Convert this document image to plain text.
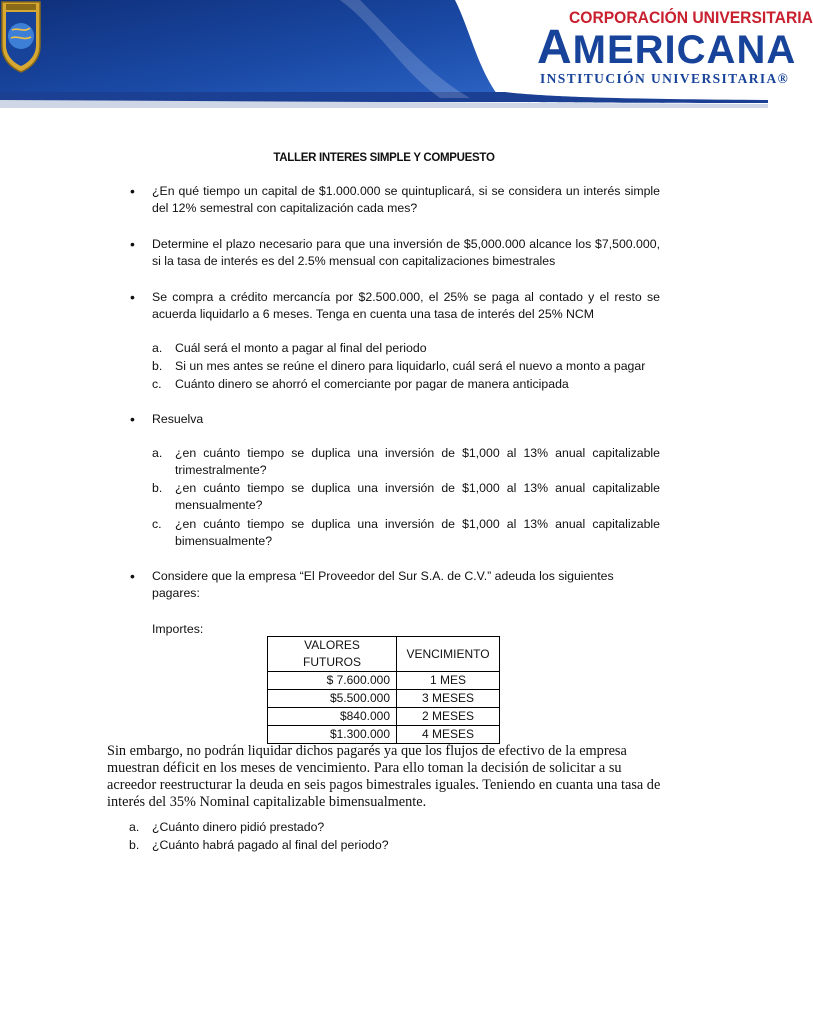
CORPORACIÓN UNIVERSITARIA
AMERICANA
INSTITUCIÓN UNIVERSITARIA®
TALLER INTERES SIMPLE Y COMPUESTO
•	¿En qué tiempo un capital de $1.000.000 se quintuplicará, si se considera un interés simple del 12% semestral con capitalización cada mes?
•	Determine el plazo necesario para que una inversión de $5,000.000 alcance los $7,500.000, si la tasa de interés es del 2.5% mensual con capitalizaciones bimestrales
•	Se compra a crédito mercancía por $2.500.000, el 25% se paga al contado y el resto se acuerda liquidarlo a 6 meses. Tenga en cuenta una tasa de interés del 25% NCM
a.	Cuál será el monto a pagar al final del periodo
b.	Si un mes antes se reúne el dinero para liquidarlo, cuál será el nuevo a monto a pagar
c.	Cuánto dinero se ahorró el comerciante por pagar de manera anticipada
•	Resuelva
a.	¿en cuánto tiempo se duplica una inversión de $1,000 al 13% anual capitalizable trimestralmente?
b.	¿en cuánto tiempo se duplica una inversión de $1,000 al 13% anual capitalizable mensualmente?
c.	¿en cuánto tiempo se duplica una inversión de $1,000 al 13% anual capitalizable bimensualmente?
•	Considere que la empresa “El Proveedor del Sur S.A. de C.V.” adeuda los siguientes pagares:
Importes:
VALORES FUTUROS	VENCIMIENTO
$ 7.600.000	1 MES
$5.500.000	3 MESES
$840.000	2 MESES
$1.300.000	4 MESES
Sin embargo, no podrán liquidar dichos pagarés ya que los flujos de efectivo de la empresa muestran déficit en los meses de vencimiento. Para ello toman la decisión de solicitar a su acreedor reestructurar la deuda en seis pagos bimestrales iguales. Teniendo en cuanta una tasa de interés del 35% Nominal capitalizable bimensualmente.
a. ¿Cuánto dinero pidió prestado?
b. ¿Cuánto habrá pagado al final del periodo?
